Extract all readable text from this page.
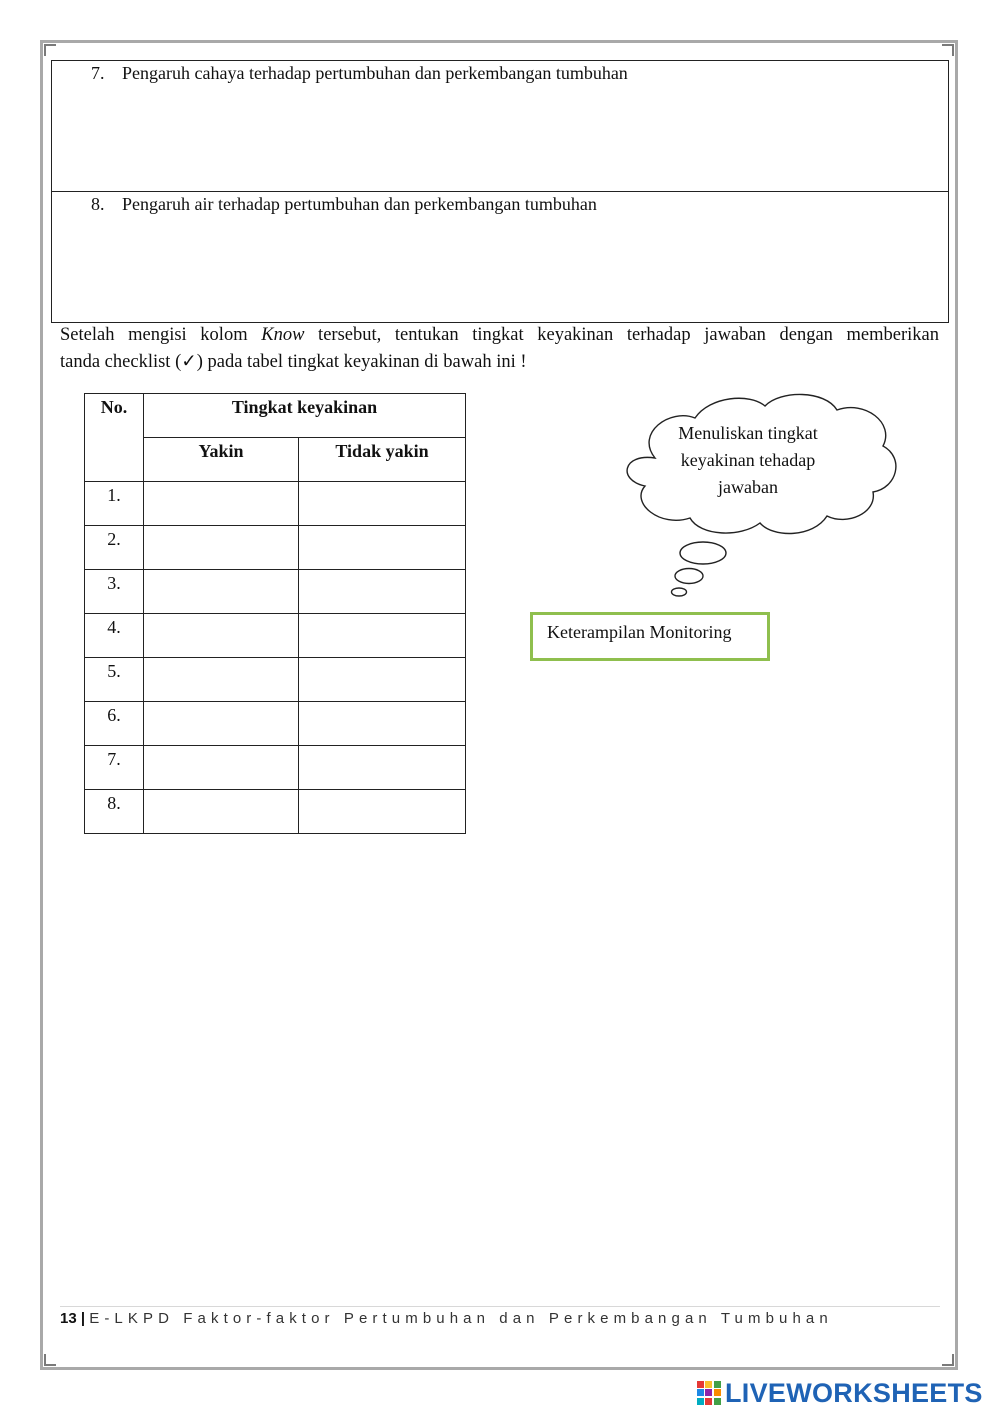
7. Pengaruh cahaya terhadap pertumbuhan dan perkembangan tumbuhan
8. Pengaruh air terhadap pertumbuhan dan perkembangan tumbuhan
Setelah mengisi kolom Know tersebut, tentukan tingkat keyakinan terhadap jawaban dengan memberikan
tanda checklist (✓) pada tabel tingkat keyakinan di bawah ini !
No.	Tingkat keyakinan	
	Yakin	Tidak yakin
1.		
2.		
3.		
4.		
5.		
6.		
7.		
8.		
Menuliskan tingkat
keyakinan tehadap
jawaban
Keterampilan Monitoring
13 | E-LKPD Faktor-faktor Pertumbuhan dan Perkembangan Tumbuhan
LIVEWORKSHEETS
